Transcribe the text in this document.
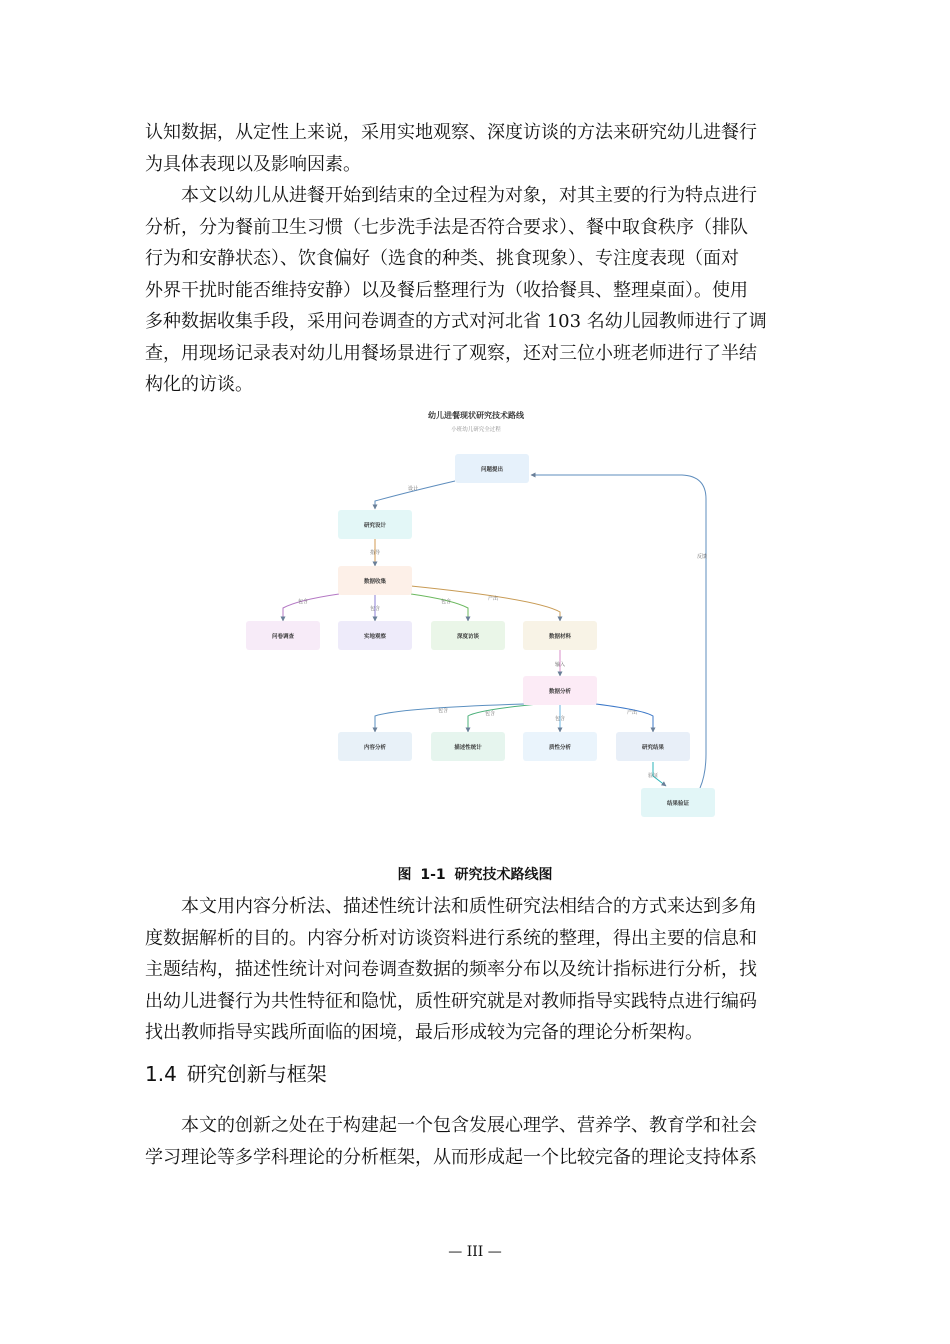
认知数据，从定性上来说，采用实地观察、深度访谈的方法来研究幼儿进餐行
为具体表现以及影响因素。
本文以幼儿从进餐开始到结束的全过程为对象，对其主要的行为特点进行
分析，分为餐前卫生习惯（七步洗手法是否符合要求）、餐中取食秩序（排队
行为和安静状态）、饮食偏好（选食的种类、挑食现象）、专注度表现（面对
外界干扰时能否维持安静）以及餐后整理行为（收拾餐具、整理桌面）。使用
多种数据收集手段，采用问卷调查的方式对河北省 103 名幼儿园教师进行了调
查，用现场记录表对幼儿用餐场景进行了观察，还对三位小班老师进行了半结
构化的访谈。
幼儿进餐现状研究技术路线
小班幼儿研究全过程
设计
指导
包含
包含
包含	产出
输入
包含	包含
包含
产出
验证
反馈
问题提出
研究设计
数据收集
问卷调查	实地观察	深度访谈	数据材料
数据分析
内容分析	描述性统计	质性分析	研究结果
结果验证
图 1-1 研究技术路线图
本文用内容分析法、描述性统计法和质性研究法相结合的方式来达到多角
度数据解析的目的。内容分析对访谈资料进行系统的整理，得出主要的信息和
主题结构，描述性统计对问卷调查数据的频率分布以及统计指标进行分析，找
出幼儿进餐行为共性特征和隐忧，质性研究就是对教师指导实践特点进行编码
找出教师指导实践所面临的困境，最后形成较为完备的理论分析架构。
1.4 研究创新与框架
本文的创新之处在于构建起一个包含发展心理学、营养学、教育学和社会
学习理论等多学科理论的分析框架，从而形成起一个比较完备的理论支持体系
— III —
